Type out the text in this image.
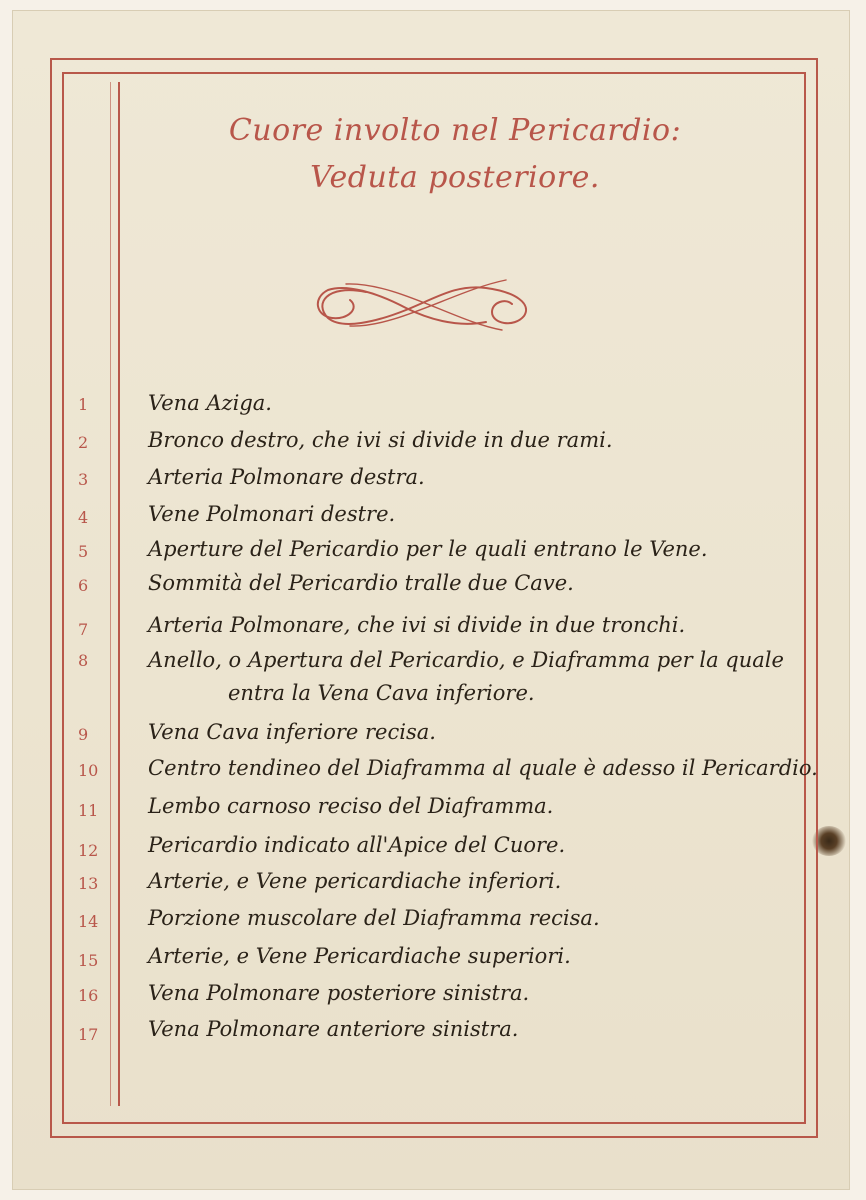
Cuore involto nel Pericardio:
Veduta posteriore.
1
2
3
4
5
6
7
8
9
10
11
12
13
14
15
16
17
Vena Aziga.
Bronco destro, che ivi si divide in due rami.
Arteria Polmonare destra.
Vene Polmonari destre.
Aperture del Pericardio per le quali entrano le Vene.
Sommità del Pericardio tralle due Cave.
Arteria Polmonare, che ivi si divide in due tronchi.
Anello, o Apertura del Pericardio, e Diaframma per la quale
entra la Vena Cava inferiore.
Vena Cava inferiore recisa.
Centro tendineo del Diaframma al quale è adesso il Pericardio.
Lembo carnoso reciso del Diaframma.
Pericardio indicato all'Apice del Cuore.
Arterie, e Vene pericardiache inferiori.
Porzione muscolare del Diaframma recisa.
Arterie, e Vene Pericardiache superiori.
Vena Polmonare posteriore sinistra.
Vena Polmonare anteriore sinistra.
